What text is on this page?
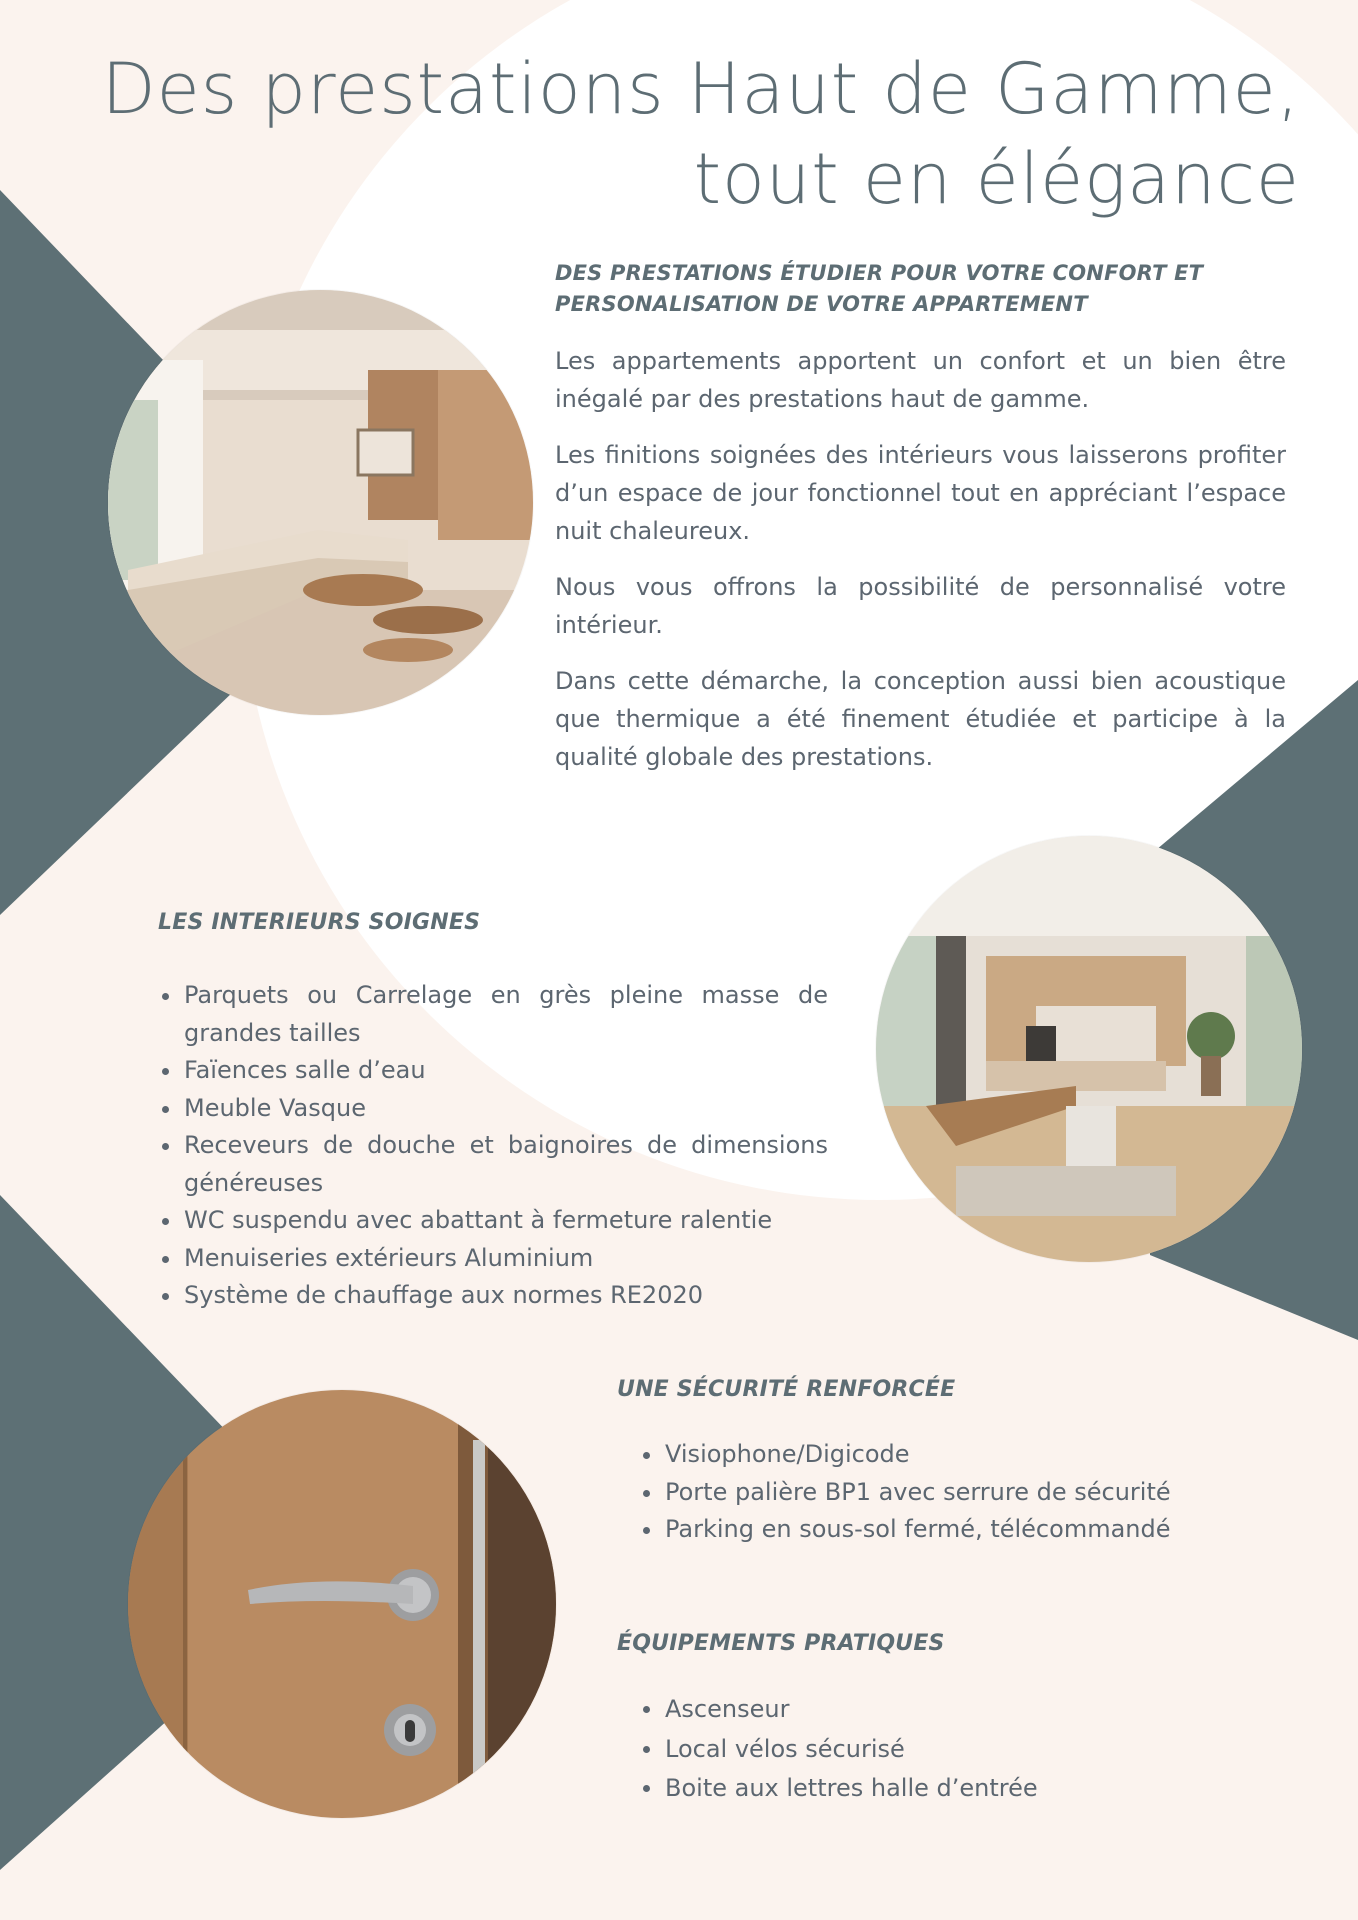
Des prestations Haut de Gamme,
tout en élégance
DES PRESTATIONS ÉTUDIER POUR VOTRE CONFORT ET
PERSONALISATION DE VOTRE APPARTEMENT

Les appartements apportent un confort et un bien être inégalé par des prestations haut de gamme.

Les finitions soignées des intérieurs vous laisserons profiter d’un espace de jour fonctionnel tout en appréciant l’espace nuit chaleureux.

Nous vous offrons la possibilité de personnalisé votre intérieur.

Dans cette démarche, la conception aussi bien acoustique que thermique a été finement étudiée et participe à la qualité globale des prestations.

LES INTERIEURS SOIGNES
Parquets ou Carrelage en grès pleine masse de grandes tailles
Faïences salle d’eau
Meuble Vasque
Receveurs de douche et baignoires de dimensions généreuses
WC suspendu avec abattant à fermeture ralentie
Menuiseries extérieurs Aluminium
Système de chauffage aux normes RE2020
UNE SÉCURITÉ RENFORCÉE
Visiophone/Digicode
Porte palière BP1 avec serrure de sécurité
Parking en sous-sol fermé, télécommandé
ÉQUIPEMENTS PRATIQUES
Ascenseur
Local vélos sécurisé
Boite aux lettres halle d’entrée
